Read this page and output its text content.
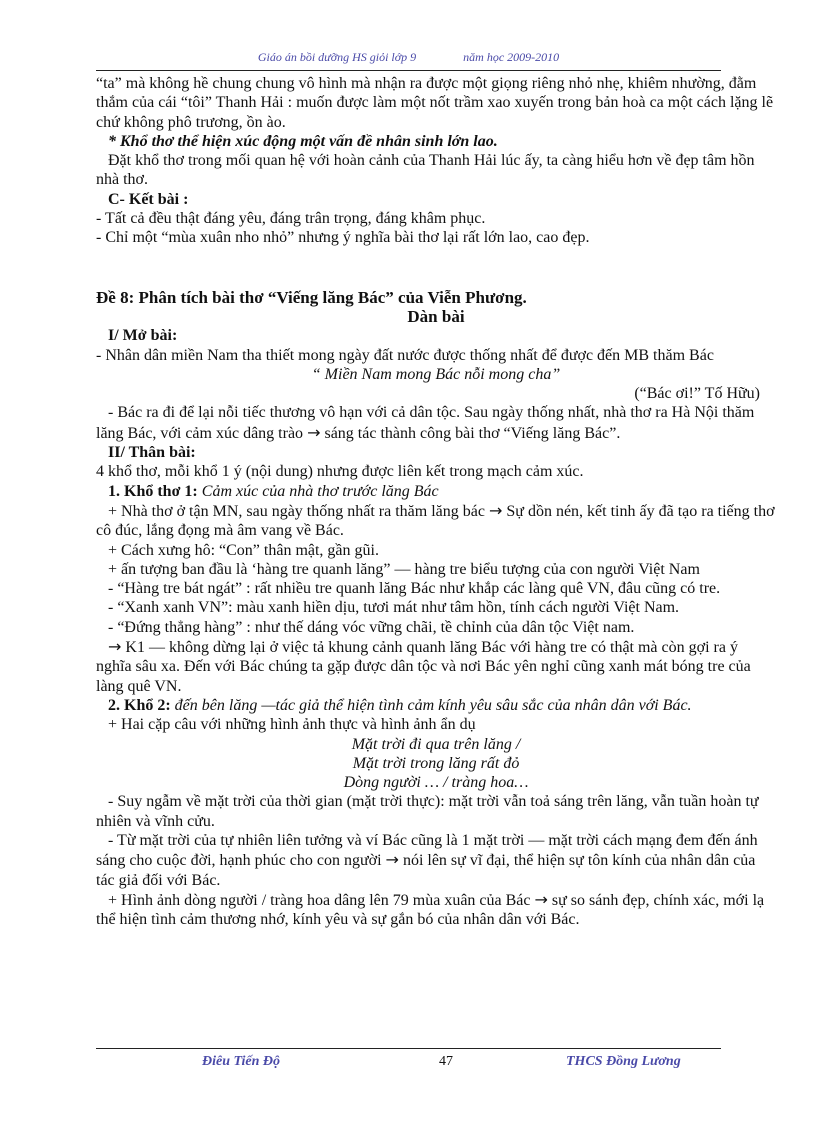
Giáo án bồi dưỡng HS giỏi lớp 9	năm học 2009-2010

“ta” mà không hề chung chung vô hình mà nhận ra được một giọng riêng nhỏ nhẹ, khiêm nhường, đằm thắm của cái “tôi” Thanh Hải : muốn được làm một nốt trầm xao xuyến trong bản hoà ca một cách lặng lẽ chứ không phô trương, ồn ào.

* Khổ thơ thể hiện xúc động một vấn đề nhân sinh lớn lao.

Đặt khổ thơ trong mối quan hệ với hoàn cảnh của Thanh Hải lúc ấy, ta càng hiểu hơn về đẹp tâm hồn nhà thơ.

C- Kết bài :

- Tất cả đều thật đáng yêu, đáng trân trọng, đáng khâm phục.

- Chỉ một “mùa xuân nho nhỏ” nhưng ý nghĩa bài thơ lại rất lớn lao, cao đẹp.

Đề 8: Phân tích bài thơ “Viếng lăng Bác” của Viễn Phương.

Dàn bài

I/ Mở bài:

- Nhân dân miền Nam tha thiết mong ngày đất nước được thống nhất để được đến MB thăm Bác

“ Miền Nam mong Bác nỗi mong cha”

(“Bác ơi!” Tố Hữu)

- Bác ra đi để lại nỗi tiếc thương vô hạn với cả dân tộc. Sau ngày thống nhất, nhà thơ ra Hà Nội thăm lăng Bác, với cảm xúc dâng trào → sáng tác thành công bài thơ “Viếng lăng Bác”.

II/ Thân bài:

4 khổ thơ, mỗi khổ 1 ý (nội dung) nhưng được liên kết trong mạch cảm xúc.

1. Khổ thơ 1: Cảm xúc của nhà thơ trước lăng Bác

+ Nhà thơ ở tận MN, sau ngày thống nhất ra thăm lăng bác → Sự dồn nén, kết tinh ấy đã tạo ra tiếng thơ cô đúc, lắng đọng mà âm vang về Bác.

+ Cách xưng hô: “Con” thân mật, gần gũi.

+ ấn tượng ban đầu là ‘hàng tre quanh lăng” — hàng tre biểu tượng của con người Việt Nam

- “Hàng tre bát ngát” : rất nhiều tre quanh lăng Bác như khắp các làng quê VN, đâu cũng có tre.

- “Xanh xanh VN”: màu xanh hiền dịu, tươi mát như tâm hồn, tính cách người Việt Nam.

- “Đứng thẳng hàng” : như thế dáng vóc vững chãi, tề chỉnh của dân tộc Việt nam.

→ K1 — không dừng lại ở việc tả khung cảnh quanh lăng Bác với hàng tre có thật mà còn gợi ra ý nghĩa sâu xa. Đến với Bác chúng ta gặp được dân tộc và nơi Bác yên nghỉ cũng xanh mát bóng tre của làng quê VN.

2. Khổ 2: đến bên lăng —tác giả thể hiện tình cảm kính yêu sâu sắc của nhân dân với Bác.

+ Hai cặp câu với những hình ảnh thực và hình ảnh ẩn dụ

Mặt trời đi qua trên lăng /

Mặt trời trong lăng rất đỏ

Dòng người … / tràng hoa…

- Suy ngẫm về mặt trời của thời gian (mặt trời thực): mặt trời vẫn toả sáng trên lăng, vẫn tuần hoàn tự nhiên và vĩnh cửu.

- Từ mặt trời của tự nhiên liên tưởng và ví Bác cũng là 1 mặt trời — mặt trời cách mạng đem đến ánh sáng cho cuộc đời, hạnh phúc cho con người → nói lên sự vĩ đại, thể hiện sự tôn kính của nhân dân của tác giả đối với Bác.

+ Hình ảnh dòng người / tràng hoa dâng lên 79 mùa xuân của Bác → sự so sánh đẹp, chính xác, mới lạ thể hiện tình cảm thương nhớ, kính yêu và sự gắn bó của nhân dân với Bác.

Điêu Tiến Độ	47	THCS Đồng Lương
